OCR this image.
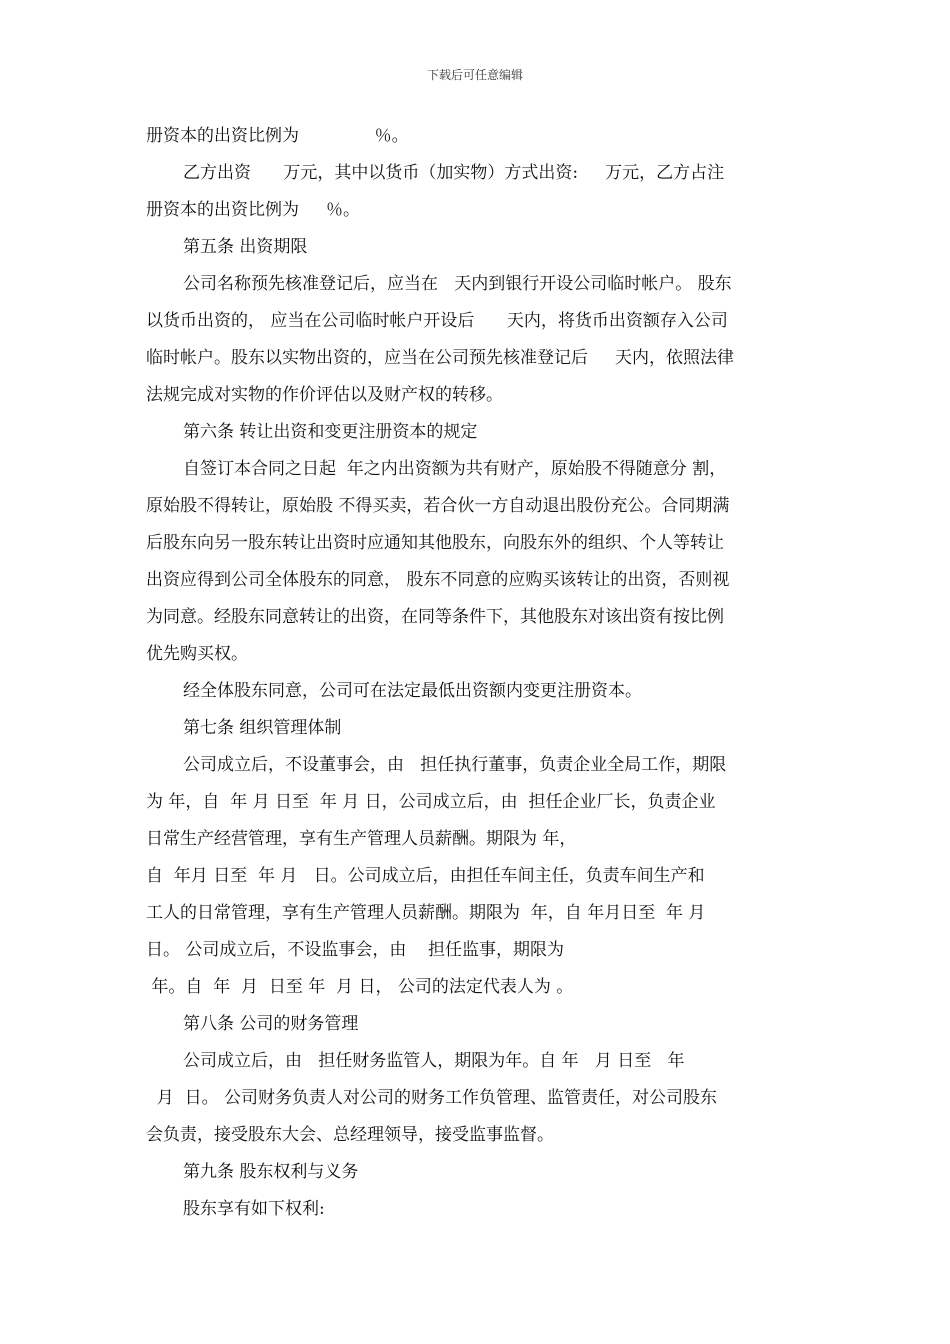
下载后可任意编辑
册资本的出资比例为              ％。
乙方出资      万元，其中以货币（加实物）方式出资:     万元，乙方占注
册资本的出资比例为     ％。
第五条 出资期限
公司名称预先核准登记后，应当在   天内到银行开设公司临时帐户。 股东
以货币出资的， 应当在公司临时帐户开设后      天内，将货币出资额存入公司
临时帐户。股东以实物出资的，应当在公司预先核准登记后     天内，依照法律
法规完成对实物的作价评估以及财产权的转移。
第六条 转让出资和变更注册资本的规定
自签订本合同之日起  年之内出资额为共有财产，原始股不得随意分 割，
原始股不得转让，原始股 不得买卖，若合伙一方自动退出股份充公。合同期满
后股东向另一股东转让出资时应通知其他股东，向股东外的组织、个人等转让
出资应得到公司全体股东的同意， 股东不同意的应购买该转让的出资，否则视
为同意。经股东同意转让的出资，在同等条件下，其他股东对该出资有按比例
优先购买权。
经全体股东同意，公司可在法定最低出资额内变更注册资本。
第七条 组织管理体制
公司成立后，不设董事会，由   担任执行董事，负责企业全局工作，期限
为 年，自  年 月 日至  年 月 日，公司成立后，由  担任企业厂长，负责企业
日常生产经营管理，享有生产管理人员薪酬。期限为 年，
自  年月 日至  年 月   日。公司成立后，由担任车间主任，负责车间生产和
工人的日常管理，享有生产管理人员薪酬。期限为  年，自 年月日至  年 月
日。 公司成立后，不设监事会，由    担任监事，期限为
年。自  年  月  日至 年  月 日， 公司的法定代表人为 。
第八条 公司的财务管理
公司成立后，由   担任财务监管人，期限为年。自 年   月 日至   年
月  日。 公司财务负责人对公司的财务工作负管理、监管责任，对公司股东
会负责，接受股东大会、总经理领导，接受监事监督。
第九条 股东权利与义务
股东享有如下权利:
